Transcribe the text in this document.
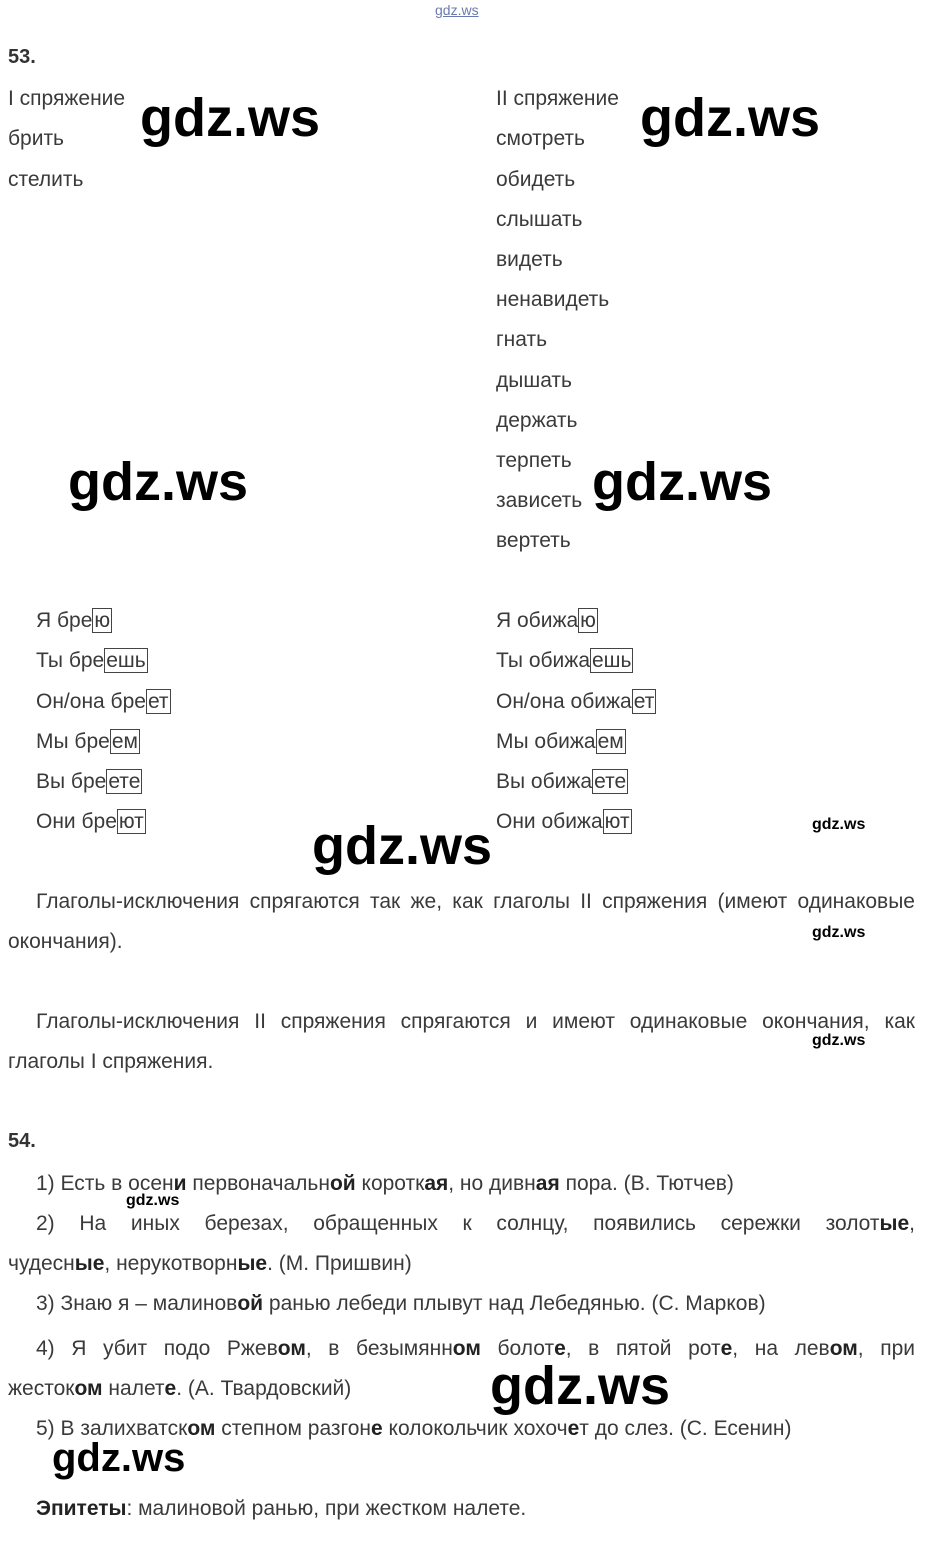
gdz.ws
53.
I спряжение
брить
стелить
II спряжение
смотреть
обидеть
слышать
видеть
ненавидеть
гнать
дышать
держать
терпеть
зависеть
вертеть
Я брею
Ты бреешь
Он/она бреет
Мы бреем
Вы бреете
Они бреют
Я обижаю
Ты обижаешь
Он/она обижает
Мы обижаем
Вы обижаете
Они обижают
Глаголы-исключения спрягаются так же, как глаголы II спряжения (имеют одинаковые окончания).
Глаголы-исключения II спряжения спрягаются и имеют одинаковые окончания, как глаголы I спряжения.
54.
1) Есть в осени первоначальной короткая, но дивная пора. (В. Тютчев)
2) На иных березах, обращенных к солнцу, появились сережки золотые,
чудесные, нерукотворные. (М. Пришвин)
3) Знаю я – малиновой ранью лебеди плывут над Лебедянью. (С. Марков)
4) Я убит подо Ржевом, в безымянном болоте, в пятой роте, на левом, при
жестоком налете. (А. Твардовский)
5) В залихватском степном разгоне колокольчик хохочет до слез. (С. Есенин)
Эпитеты: малиновой ранью, при жестком налете.
gdz.ws	gdz.ws
gdz.ws	gdz.ws
gdz.ws
gdz.ws
gdz.ws
gdz.ws
gdz.ws
gdz.ws
gdz.ws
